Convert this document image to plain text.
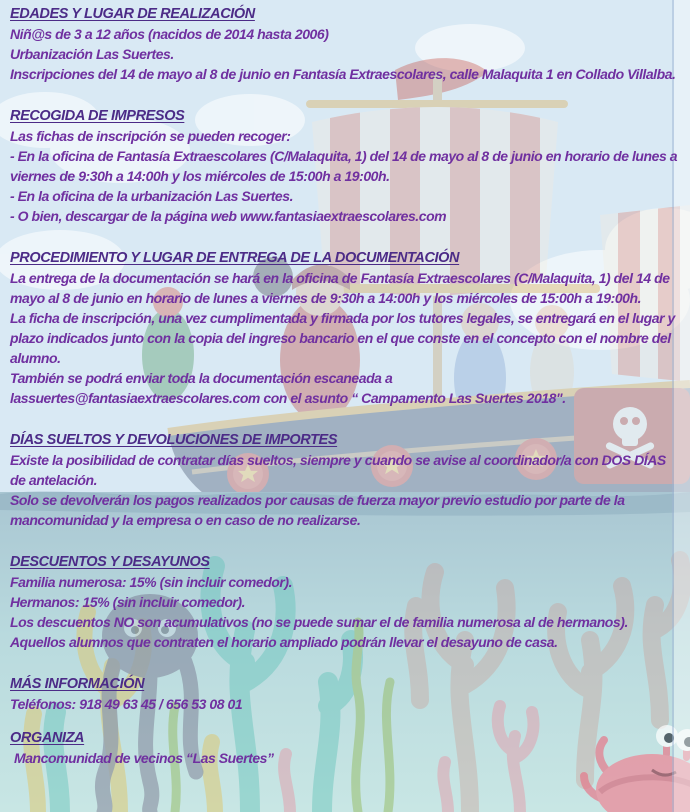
EDADES Y LUGAR DE REALIZACIÓN

Niñ@s de 3 a 12 años (nacidos de 2014 hasta 2006)

Urbanización Las Suertes.

Inscripciones del 14 de mayo al 8 de junio en Fantasía Extraescolares, calle Malaquita 1 en Collado Villalba.

RECOGIDA DE IMPRESOS

Las fichas de inscripción se pueden recoger:

- En la oficina de Fantasía Extraescolares (C/Malaquita, 1) del 14 de mayo al 8 de junio en horario de lunes a viernes de 9:30h a 14:00h y los miércoles de 15:00h a 19:00h.

- En la oficina de la urbanización Las Suertes.

- O bien, descargar de la página web www.fantasiaextraescolares.com

PROCEDIMIENTO Y LUGAR DE ENTREGA DE LA DOCUMENTACIÓN

La entrega de la documentación se hará en la oficina de Fantasía Extraescolares (C/Malaquita, 1) del 14 de mayo al 8 de junio en horario de lunes a viernes de 9:30h a 14:00h y los miércoles de 15:00h a 19:00h.

La ficha de inscripción, una vez cumplimentada y firmada por los tutores legales, se entregará en el lugar y plazo indicados junto con la copia del ingreso bancario en el que conste en el concepto con el nombre del alumno.

También se podrá enviar toda la documentación escaneada a

lassuertes@fantasiaextraescolares.com con el asunto “ Campamento Las Suertes 2018".

DÍAS SUELTOS Y DEVOLUCIONES DE IMPORTES

Existe la posibilidad de contratar días sueltos, siempre y cuando se avise al coordinador/a con DOS DÍAS de antelación.

Solo se devolverán los pagos realizados por causas de fuerza mayor previo estudio por parte de la mancomunidad y la empresa o en caso de no realizarse.

DESCUENTOS Y DESAYUNOS

Familia numerosa: 15% (sin incluir comedor).

Hermanos: 15% (sin incluir comedor).

Los descuentos NO son acumulativos (no se puede sumar el de familia numerosa al de hermanos).

Aquellos alumnos que contraten el horario ampliado podrán llevar el desayuno de casa.

MÁS INFORMACIÓN

Teléfonos: 918 49 63 45 / 656 53 08 01

ORGANIZA

Mancomunidad de vecinos “Las Suertes”
